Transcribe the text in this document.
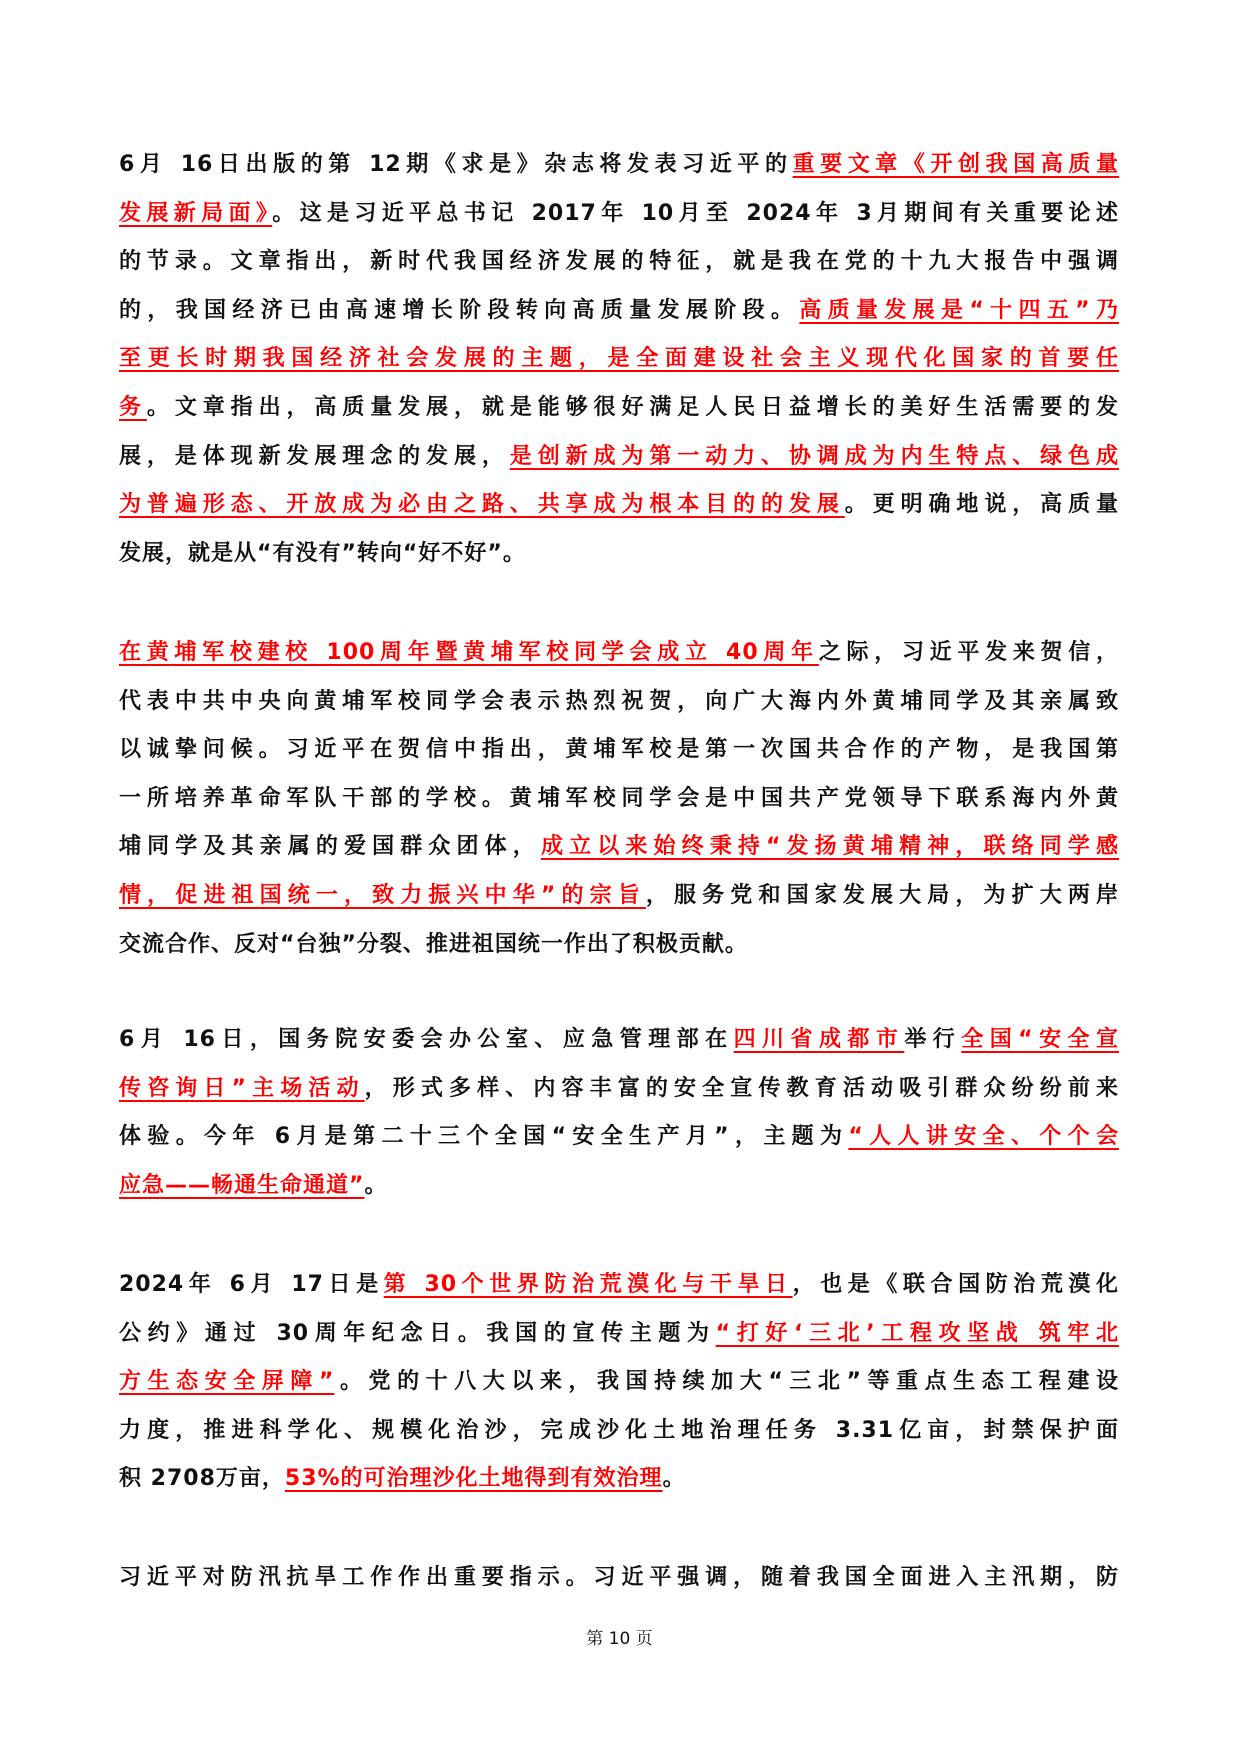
6月 16日出版的第 12期《求是》杂志将发表习近平的重要文章《开创我国高质量
发展新局面》。这是习近平总书记 2017年 10月至 2024年 3月期间有关重要论述
的节录。文章指出，新时代我国经济发展的特征，就是我在党的十九大报告中强调
的，我国经济已由高速增长阶段转向高质量发展阶段。高质量发展是“十四五”乃
至更长时期我国经济社会发展的主题，是全面建设社会主义现代化国家的首要任
务。文章指出，高质量发展，就是能够很好满足人民日益增长的美好生活需要的发
展，是体现新发展理念的发展，是创新成为第一动力、协调成为内生特点、绿色成
为普遍形态、开放成为必由之路、共享成为根本目的的发展。更明确地说，高质量
发展，就是从“有没有”转向“好不好”。
在黄埔军校建校 100周年暨黄埔军校同学会成立 40周年之际，习近平发来贺信，
代表中共中央向黄埔军校同学会表示热烈祝贺，向广大海内外黄埔同学及其亲属致
以诚挚问候。习近平在贺信中指出，黄埔军校是第一次国共合作的产物，是我国第
一所培养革命军队干部的学校。黄埔军校同学会是中国共产党领导下联系海内外黄
埔同学及其亲属的爱国群众团体，成立以来始终秉持“发扬黄埔精神，联络同学感
情，促进祖国统一，致力振兴中华”的宗旨，服务党和国家发展大局，为扩大两岸
交流合作、反对“台独”分裂、推进祖国统一作出了积极贡献。
6月 16日，国务院安委会办公室、应急管理部在四川省成都市举行全国“安全宣
传咨询日”主场活动，形式多样、内容丰富的安全宣传教育活动吸引群众纷纷前来
体验。今年 6月是第二十三个全国“安全生产月”，主题为“人人讲安全、个个会
应急——畅通生命通道”。
2024年 6月 17日是第 30个世界防治荒漠化与干旱日，也是《联合国防治荒漠化
公约》通过 30周年纪念日。我国的宣传主题为“打好‘三北’工程攻坚战 筑牢北
方生态安全屏障”。党的十八大以来，我国持续加大“三北”等重点生态工程建设
力度，推进科学化、规模化治沙，完成沙化土地治理任务 3.31亿亩，封禁保护面
积 2708万亩，53%的可治理沙化土地得到有效治理。
习近平对防汛抗旱工作作出重要指示。习近平强调，随着我国全面进入主汛期，防
第 10 页
